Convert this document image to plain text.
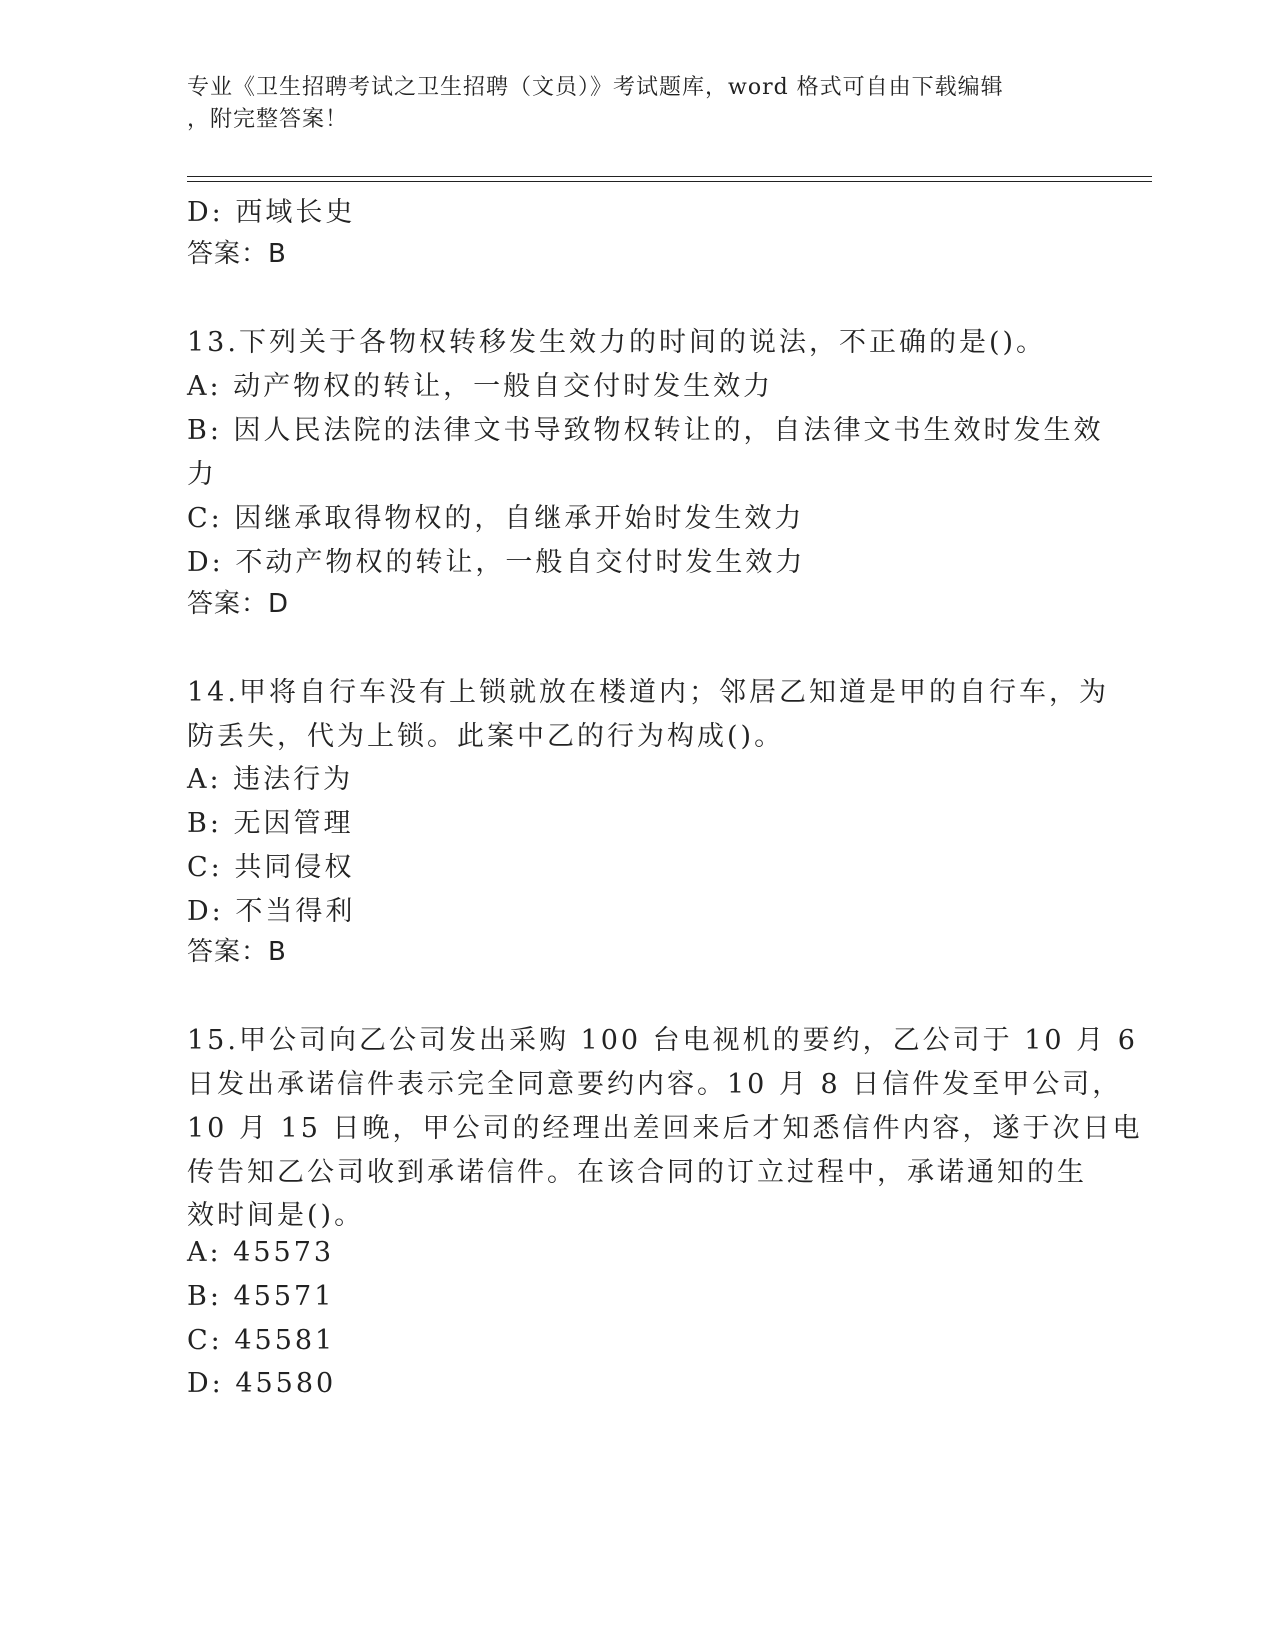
专业《卫生招聘考试之卫生招聘（文员）》考试题库，word 格式可自由下载编辑
，附完整答案！
D: 西域长史
答案：B
13.下列关于各物权转移发生效力的时间的说法，不正确的是()。
A: 动产物权的转让，一般自交付时发生效力
B: 因人民法院的法律文书导致物权转让的，自法律文书生效时发生效
力
C: 因继承取得物权的，自继承开始时发生效力
D: 不动产物权的转让，一般自交付时发生效力
答案：D
14.甲将自行车没有上锁就放在楼道内；邻居乙知道是甲的自行车，为
防丢失，代为上锁。此案中乙的行为构成()。
A: 违法行为
B: 无因管理
C: 共同侵权
D: 不当得利
答案：B
15.甲公司向乙公司发出采购 100 台电视机的要约，乙公司于 10 月 6
日发出承诺信件表示完全同意要约内容。10 月 8 日信件发至甲公司，
10 月 15 日晚，甲公司的经理出差回来后才知悉信件内容，遂于次日电
传告知乙公司收到承诺信件。在该合同的订立过程中，承诺通知的生
效时间是()。
A: 45573
B: 45571
C: 45581
D: 45580
